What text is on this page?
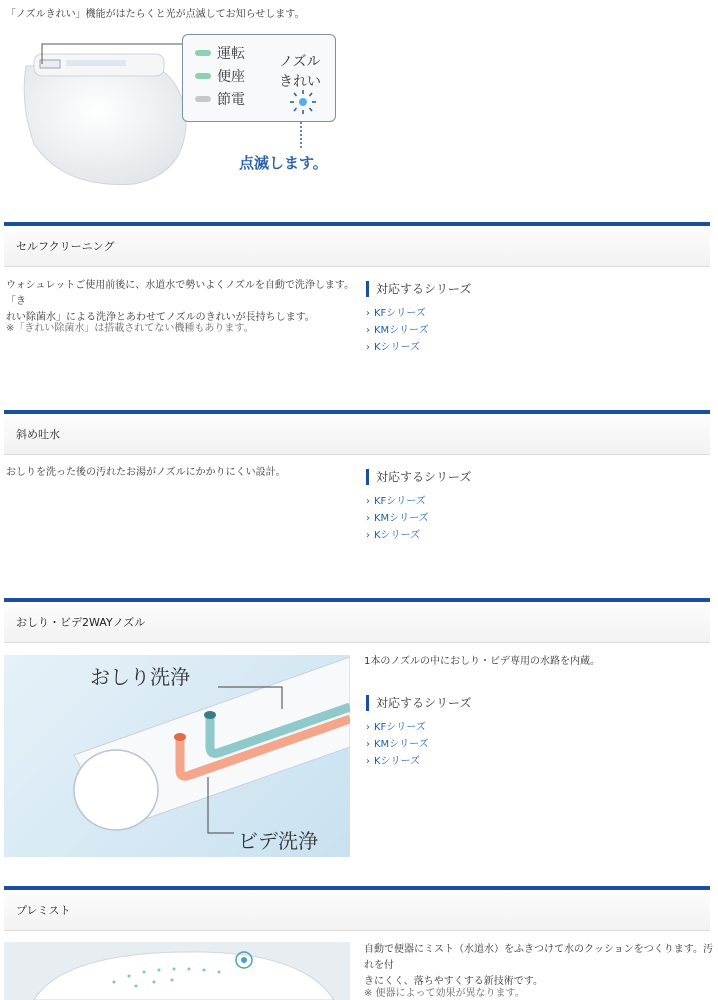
「ノズルきれい」機能がはたらくと光が点滅してお知らせします。
運転
便座
節電
ノズル
きれい
点滅します。
セルフクリーニング
ウォシュレットご使用前後に、水道水で勢いよくノズルを自動で洗浄します。「き
れい除菌水」による洗浄とあわせてノズルのきれいが長持ちします。
※「きれい除菌水」は搭載されてない機種もあります。
対応するシリーズ
› KFシリーズ
› KMシリーズ
› Kシリーズ
斜め吐水
おしりを洗った後の汚れたお湯がノズルにかかりにくい設計。	対応するシリーズ
› KFシリーズ
› KMシリーズ
› Kシリーズ
おしり・ビデ2WAYノズル
おしり洗浄
ビデ洗浄
1本のノズルの中におしり・ビデ専用の水路を内蔵。
対応するシリーズ
› KFシリーズ
› KMシリーズ
› Kシリーズ
プレミスト
自動で便器にミスト（水道水）をふきつけて水のクッションをつくります。汚れを付
きにくく、落ちやすくする新技術です。
※ 便器によって効果が異なります。
